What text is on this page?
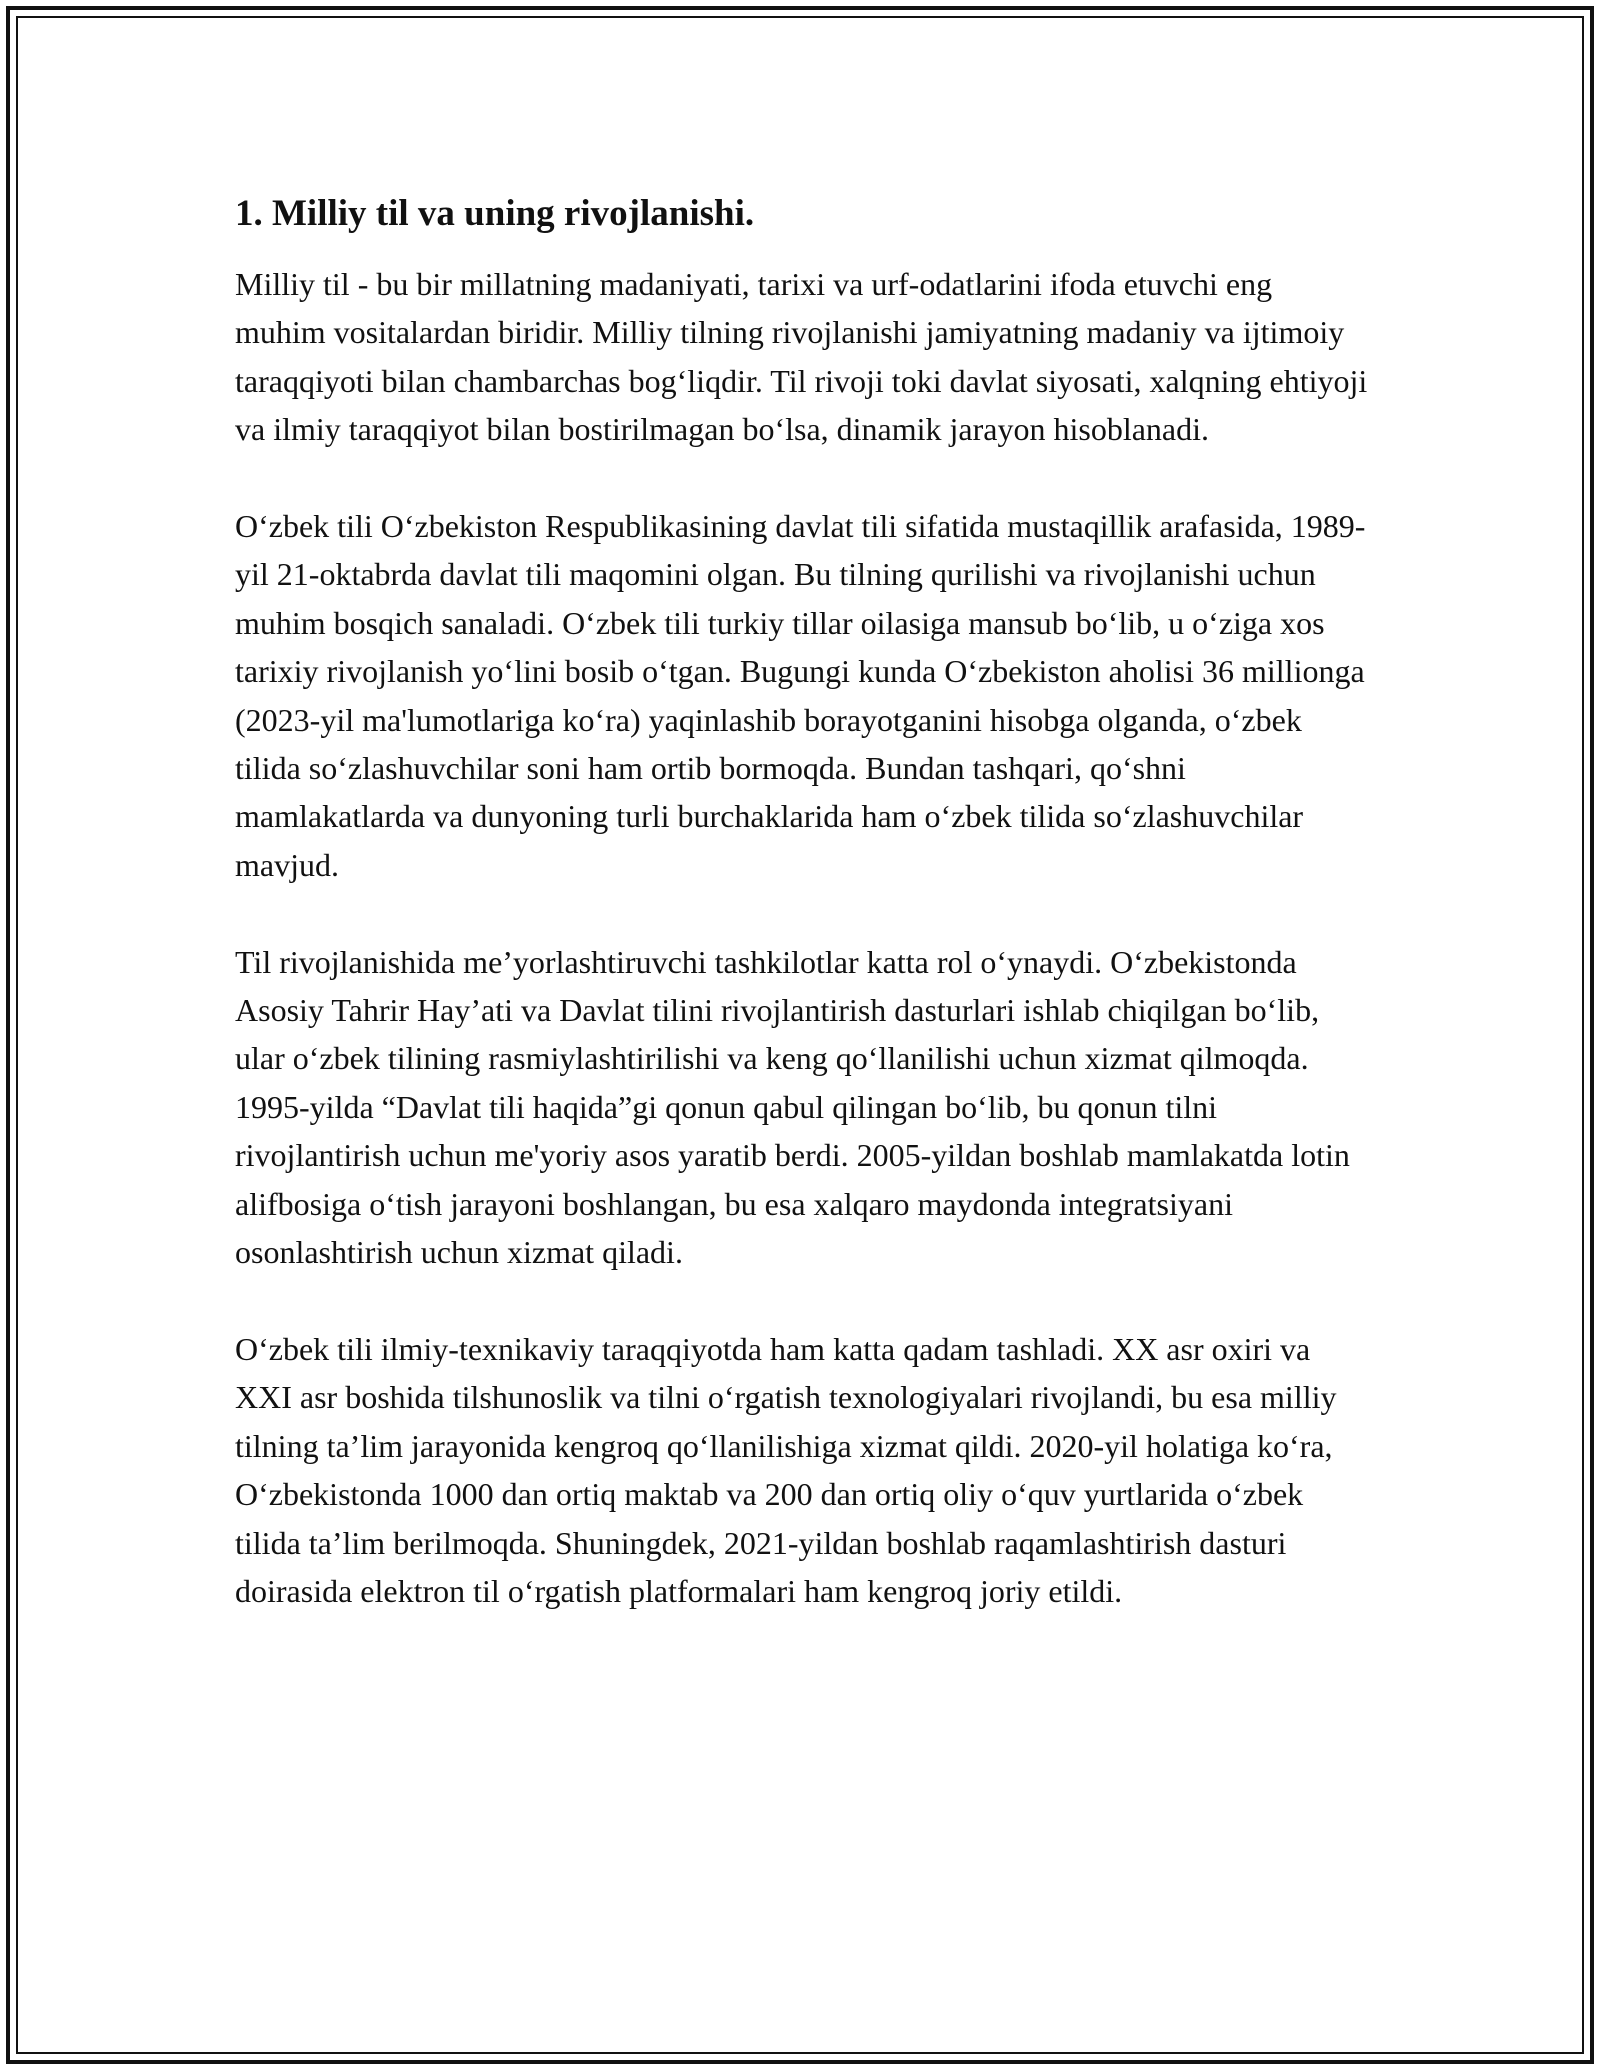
1. Milliy til va uning rivojlanishi.

Milliy til - bu bir millatning madaniyati, tarixi va urf-odatlarini ifoda etuvchi eng muhim vositalardan biridir. Milliy tilning rivojlanishi jamiyatning madaniy va ijtimoiy taraqqiyoti bilan chambarchas bog‘liqdir. Til rivoji toki davlat siyosati, xalqning ehtiyoji va ilmiy taraqqiyot bilan bostirilmagan bo‘lsa, dinamik jarayon hisoblanadi.

O‘zbek tili O‘zbekiston Respublikasining davlat tili sifatida mustaqillik arafasida, 1989-yil 21-oktabrda davlat tili maqomini olgan. Bu tilning qurilishi va rivojlanishi uchun muhim bosqich sanaladi. O‘zbek tili turkiy tillar oilasiga mansub bo‘lib, u o‘ziga xos tarixiy rivojlanish yo‘lini bosib o‘tgan. Bugungi kunda O‘zbekiston aholisi 36 millionga (2023-yil ma'lumotlariga ko‘ra) yaqinlashib borayotganini hisobga olganda, o‘zbek tilida so‘zlashuvchilar soni ham ortib bormoqda. Bundan tashqari, qo‘shni mamlakatlarda va dunyoning turli burchaklarida ham o‘zbek tilida so‘zlashuvchilar mavjud.

Til rivojlanishida me’yorlashtiruvchi tashkilotlar katta rol o‘ynaydi. O‘zbekistonda Asosiy Tahrir Hay’ati va Davlat tilini rivojlantirish dasturlari ishlab chiqilgan bo‘lib, ular o‘zbek tilining rasmiylashtirilishi va keng qo‘llanilishi uchun xizmat qilmoqda. 1995-yilda “Davlat tili haqida”gi qonun qabul qilingan bo‘lib, bu qonun tilni rivojlantirish uchun me'yoriy asos yaratib berdi. 2005-yildan boshlab mamlakatda lotin alifbosiga o‘tish jarayoni boshlangan, bu esa xalqaro maydonda integratsiyani osonlashtirish uchun xizmat qiladi.

O‘zbek tili ilmiy-texnikaviy taraqqiyotda ham katta qadam tashladi. XX asr oxiri va XXI asr boshida tilshunoslik va tilni o‘rgatish texnologiyalari rivojlandi, bu esa milliy tilning ta’lim jarayonida kengroq qo‘llanilishiga xizmat qildi. 2020-yil holatiga ko‘ra, O‘zbekistonda 1000 dan ortiq maktab va 200 dan ortiq oliy o‘quv yurtlarida o‘zbek tilida ta’lim berilmoqda. Shuningdek, 2021-yildan boshlab raqamlashtirish dasturi doirasida elektron til o‘rgatish platformalari ham kengroq joriy etildi.
